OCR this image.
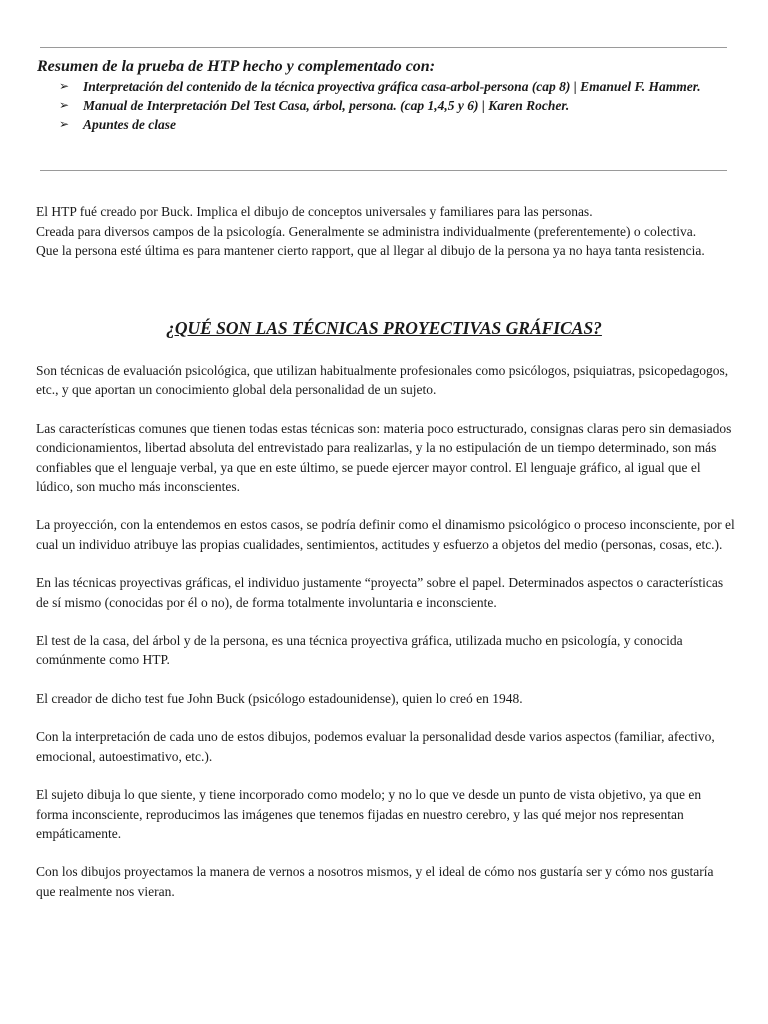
Resumen de la prueba de HTP hecho y complementado con:

➢ Interpretación del contenido de la técnica proyectiva gráfica casa-arbol-persona (cap 8) | Emanuel F. Hammer.
➢ Manual de Interpretación Del Test Casa, árbol, persona. (cap 1,4,5 y 6) | Karen Rocher.
➢ Apuntes de clase

El HTP fué creado por Buck. Implica el dibujo de conceptos universales y familiares para las personas.

Creada para diversos campos de la psicología. Generalmente se administra individualmente (preferentemente) o colectiva.

Que la persona esté última es para mantener cierto rapport, que al llegar al dibujo de la persona ya no haya tanta resistencia.

¿QUÉ SON LAS TÉCNICAS PROYECTIVAS GRÁFICAS?

Son técnicas de evaluación psicológica, que utilizan habitualmente profesionales como psicólogos, psiquiatras, psicopedagogos, etc., y que aportan un conocimiento global dela personalidad de un sujeto.

Las características comunes que tienen todas estas técnicas son: materia poco estructurado, consignas claras pero sin demasiados condicionamientos, libertad absoluta del entrevistado para realizarlas, y la no estipulación de un tiempo determinado, son más confiables que el lenguaje verbal, ya que en este último, se puede ejercer mayor control. El lenguaje gráfico, al igual que el lúdico, son mucho más inconscientes.

La proyección, con la entendemos en estos casos, se podría definir como el dinamismo psicológico o proceso inconsciente, por el cual un individuo atribuye las propias cualidades, sentimientos, actitudes y esfuerzo a objetos del medio (personas, cosas, etc.).

En las técnicas proyectivas gráficas, el individuo justamente “proyecta” sobre el papel. Determinados aspectos o características de sí mismo (conocidas por él o no), de forma totalmente involuntaria e inconsciente.

El test de la casa, del árbol y de la persona, es una técnica proyectiva gráfica, utilizada mucho en psicología, y conocida comúnmente como HTP.

El creador de dicho test fue John Buck (psicólogo estadounidense), quien lo creó en 1948.

Con la interpretación de cada uno de estos dibujos, podemos evaluar la personalidad desde varios aspectos (familiar, afectivo, emocional, autoestimativo, etc.).

El sujeto dibuja lo que siente, y tiene incorporado como modelo; y no lo que ve desde un punto de vista objetivo, ya que en forma inconsciente, reproducimos las imágenes que tenemos fijadas en nuestro cerebro, y las qué mejor nos representan empáticamente.

Con los dibujos proyectamos la manera de vernos a nosotros mismos, y el ideal de cómo nos gustaría ser y cómo nos gustaría que realmente nos vieran.
